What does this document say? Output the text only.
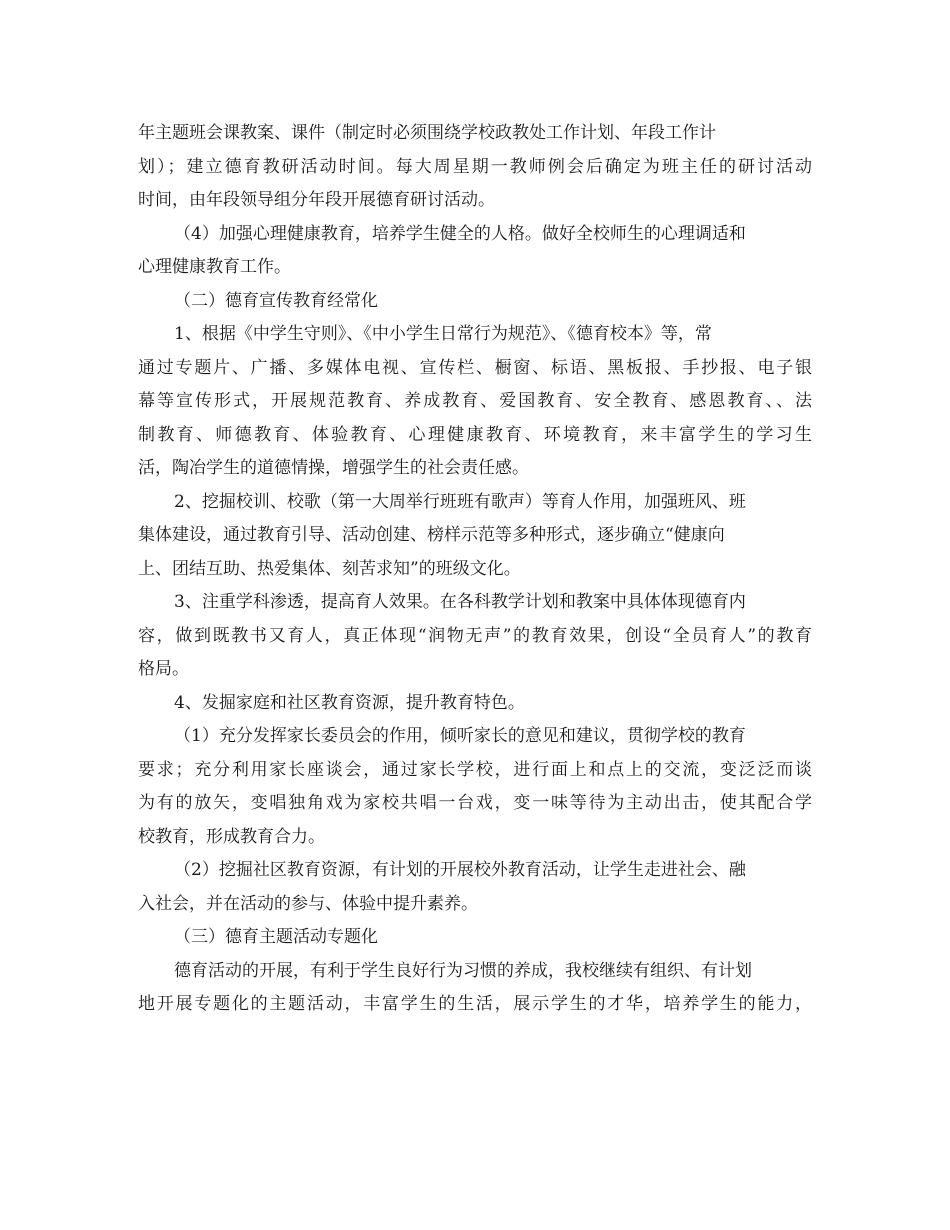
年主题班会课教案、课件（制定时必须围绕学校政教处工作计划、年段工作计
划）；建立德育教研活动时间。每大周星期一教师例会后确定为班主任的研讨活动
时间，由年段领导组分年段开展德育研讨活动。
（4）加强心理健康教育，培养学生健全的人格。做好全校师生的心理调适和
心理健康教育工作。
（二）德育宣传教育经常化
1、根据《中学生守则》、《中小学生日常行为规范》、《德育校本》等，常
通过专题片、广播、多媒体电视、宣传栏、橱窗、标语、黑板报、手抄报、电子银
幕等宣传形式，开展规范教育、养成教育、爱国教育、安全教育、感恩教育、、法
制教育、师德教育、体验教育、心理健康教育、环境教育，来丰富学生的学习生
活，陶冶学生的道德情操，增强学生的社会责任感。
2、挖掘校训、校歌（第一大周举行班班有歌声）等育人作用，加强班风、班
集体建设，通过教育引导、活动创建、榜样示范等多种形式，逐步确立“健康向
上、团结互助、热爱集体、刻苦求知”的班级文化。
3、注重学科渗透，提高育人效果。在各科教学计划和教案中具体体现德育内
容，做到既教书又育人，真正体现“润物无声”的教育效果，创设“全员育人”的教育
格局。
4、发掘家庭和社区教育资源，提升教育特色。
（1）充分发挥家长委员会的作用，倾听家长的意见和建议，贯彻学校的教育
要求；充分利用家长座谈会，通过家长学校，进行面上和点上的交流，变泛泛而谈
为有的放矢，变唱独角戏为家校共唱一台戏，变一味等待为主动出击，使其配合学
校教育，形成教育合力。
（2）挖掘社区教育资源，有计划的开展校外教育活动，让学生走进社会、融
入社会，并在活动的参与、体验中提升素养。
（三）德育主题活动专题化
德育活动的开展，有利于学生良好行为习惯的养成，我校继续有组织、有计划
地开展专题化的主题活动，丰富学生的生活，展示学生的才华，培养学生的能力，
